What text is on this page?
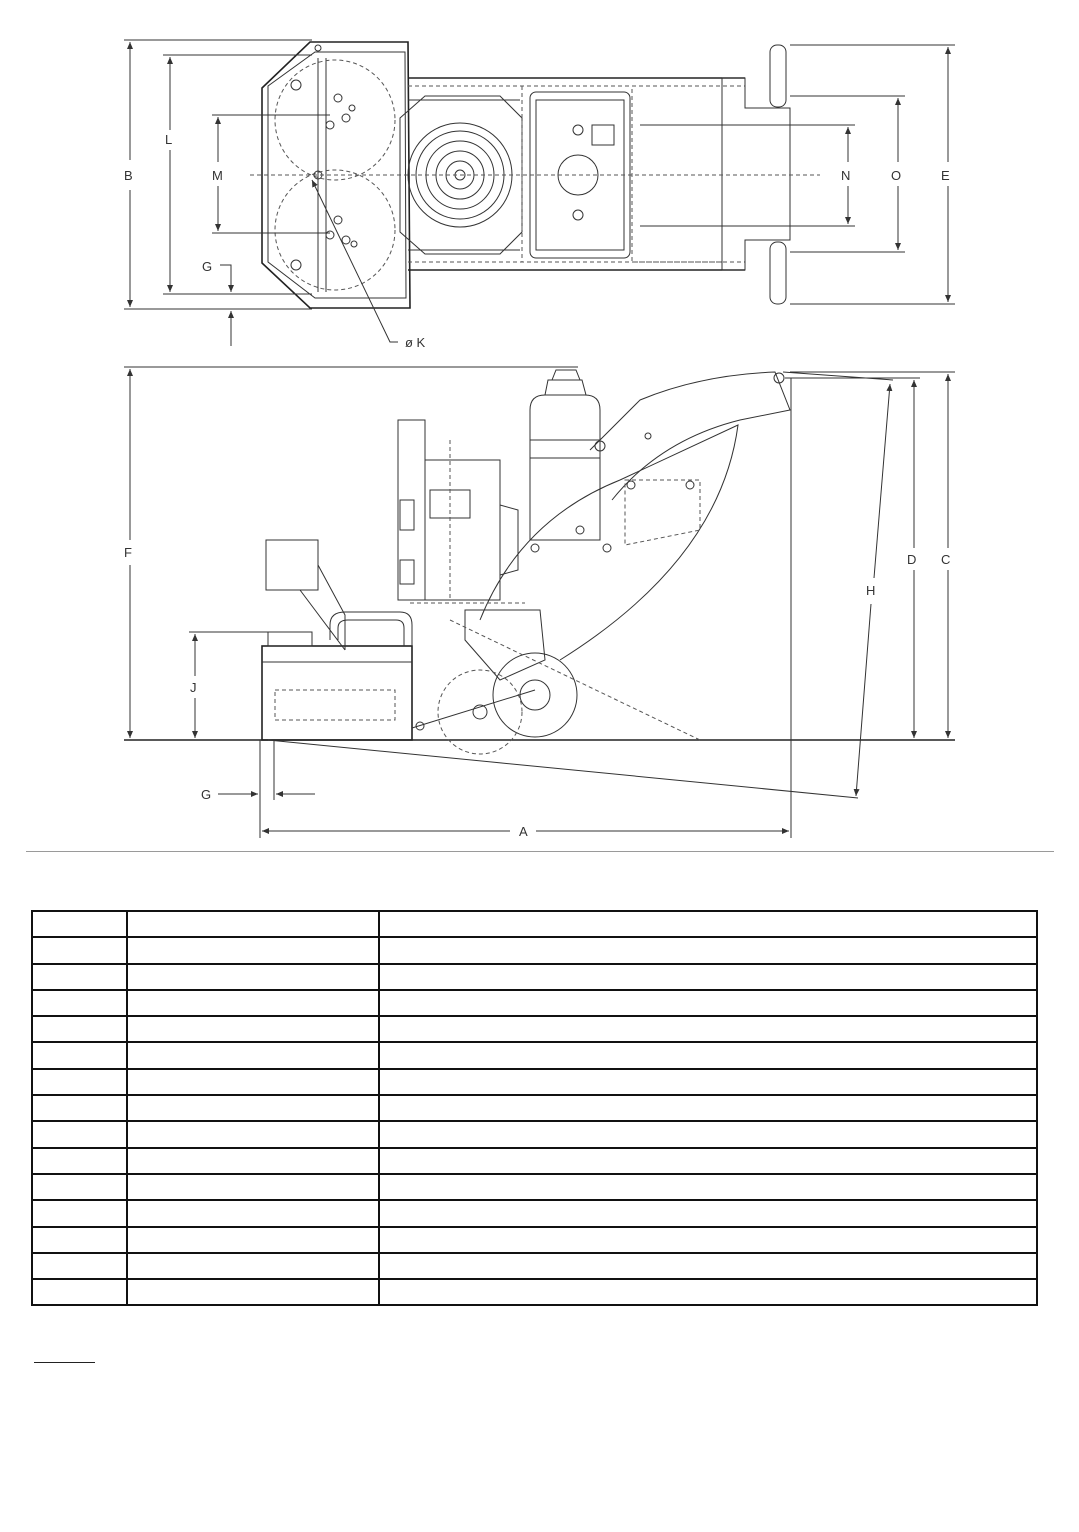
B
L
M
G
ø K
N	O	E
F
J
G
A
H
D C
